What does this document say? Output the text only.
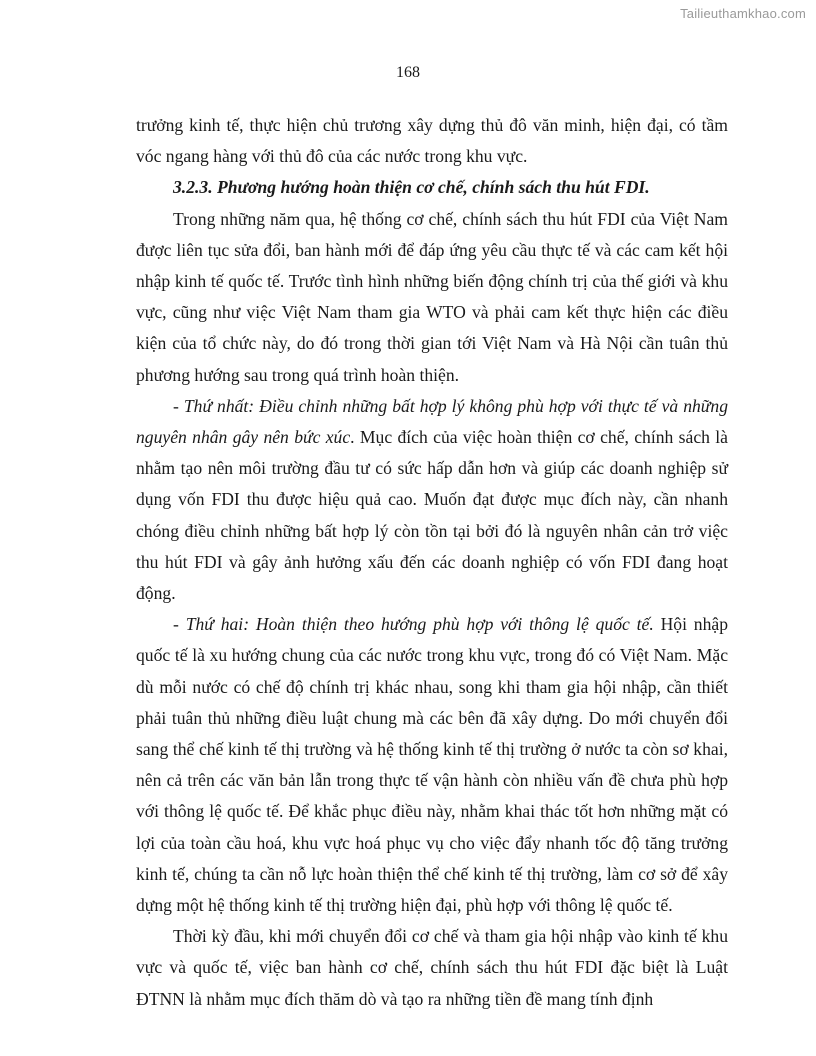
Tailieuthamkhao.com
168

trưởng kinh tế, thực hiện chủ trương xây dựng thủ đô văn minh, hiện đại, có tầm vóc ngang hàng với thủ đô của các nước trong khu vực.

3.2.3. Phương hướng hoàn thiện cơ chế, chính sách thu hút FDI.

Trong những năm qua, hệ thống cơ chế, chính sách thu hút FDI của Việt Nam được liên tục sửa đổi, ban hành mới để đáp ứng yêu cầu thực tế và các cam kết hội nhập kinh tế quốc tế. Trước tình hình những biến động chính trị của thế giới và khu vực, cũng như việc Việt Nam tham gia WTO và phải cam kết thực hiện các điều kiện của tổ chức này, do đó trong thời gian tới Việt Nam và Hà Nội cần tuân thủ phương hướng sau trong quá trình hoàn thiện.

- Thứ nhất: Điều chỉnh những bất hợp lý không phù hợp với thực tế và những nguyên nhân gây nên bức xúc. Mục đích của việc hoàn thiện cơ chế, chính sách là nhằm tạo nên môi trường đầu tư có sức hấp dẫn hơn và giúp các doanh nghiệp sử dụng vốn FDI thu được hiệu quả cao. Muốn đạt được mục đích này, cần nhanh chóng điều chỉnh những bất hợp lý còn tồn tại bởi đó là nguyên nhân cản trở việc thu hút FDI và gây ảnh hưởng xấu đến các doanh nghiệp có vốn FDI đang hoạt động.

- Thứ hai: Hoàn thiện theo hướng phù hợp với thông lệ quốc tế. Hội nhập quốc tế là xu hướng chung của các nước trong khu vực, trong đó có Việt Nam. Mặc dù mỗi nước có chế độ chính trị khác nhau, song khi tham gia hội nhập, cần thiết phải tuân thủ những điều luật chung mà các bên đã xây dựng. Do mới chuyển đổi sang thể chế kinh tế thị trường và hệ thống kinh tế thị trường ở nước ta còn sơ khai, nên cả trên các văn bản lẫn trong thực tế vận hành còn nhiều vấn đề chưa phù hợp với thông lệ quốc tế. Để khắc phục điều này, nhằm khai thác tốt hơn những mặt có lợi của toàn cầu hoá, khu vực hoá phục vụ cho việc đẩy nhanh tốc độ tăng trưởng kinh tế, chúng ta cần nỗ lực hoàn thiện thể chế kinh tế thị trường, làm cơ sở để xây dựng một hệ thống kinh tế thị trường hiện đại, phù hợp với thông lệ quốc tế.

Thời kỳ đầu, khi mới chuyển đổi cơ chế và tham gia hội nhập vào kinh tế khu vực và quốc tế, việc ban hành cơ chế, chính sách thu hút FDI đặc biệt là Luật ĐTNN là nhằm mục đích thăm dò và tạo ra những tiền đề mang tính định
